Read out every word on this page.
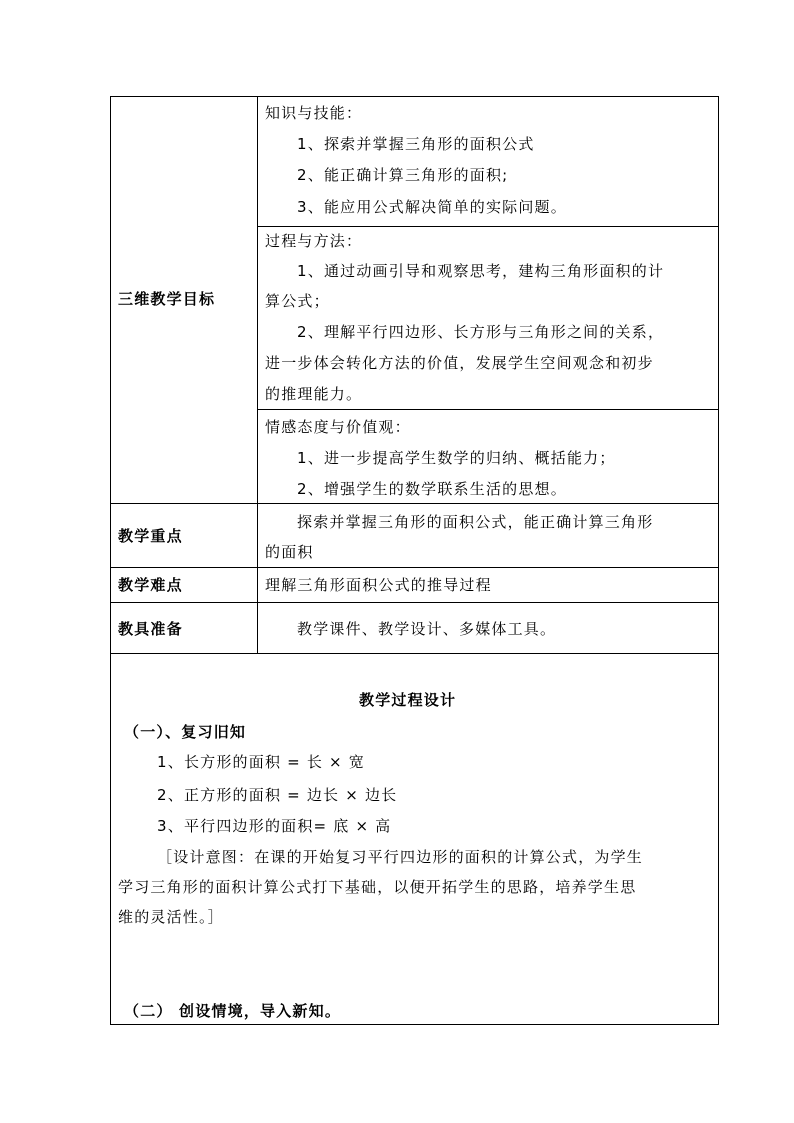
三维教学目标
知识与技能：
1、探索并掌握三角形的面积公式
2、能正确计算三角形的面积;
3、能应用公式解决简单的实际问题。
过程与方法：
1、通过动画引导和观察思考，建构三角形面积的计
算公式；
2、理解平行四边形、长方形与三角形之间的关系，
进一步体会转化方法的价值，发展学生空间观念和初步
的推理能力。
情感态度与价值观：
1、进一步提高学生数学的归纳、概括能力；
2、增强学生的数学联系生活的思想。
教学重点
探索并掌握三角形的面积公式，能正确计算三角形
的面积
教学难点	理解三角形面积公式的推导过程
教具准备	教学课件、教学设计、多媒体工具。
教学过程设计
（一）、复习旧知
1、长方形的面积 = 长 × 宽
2、正方形的面积 = 边长 × 边长
3、平行四边形的面积= 底 × 高
［设计意图：在课的开始复习平行四边形的面积的计算公式，为学生
学习三角形的面积计算公式打下基础，以便开拓学生的思路，培养学生思
维的灵活性。］
（二） 创设情境，导入新知。
